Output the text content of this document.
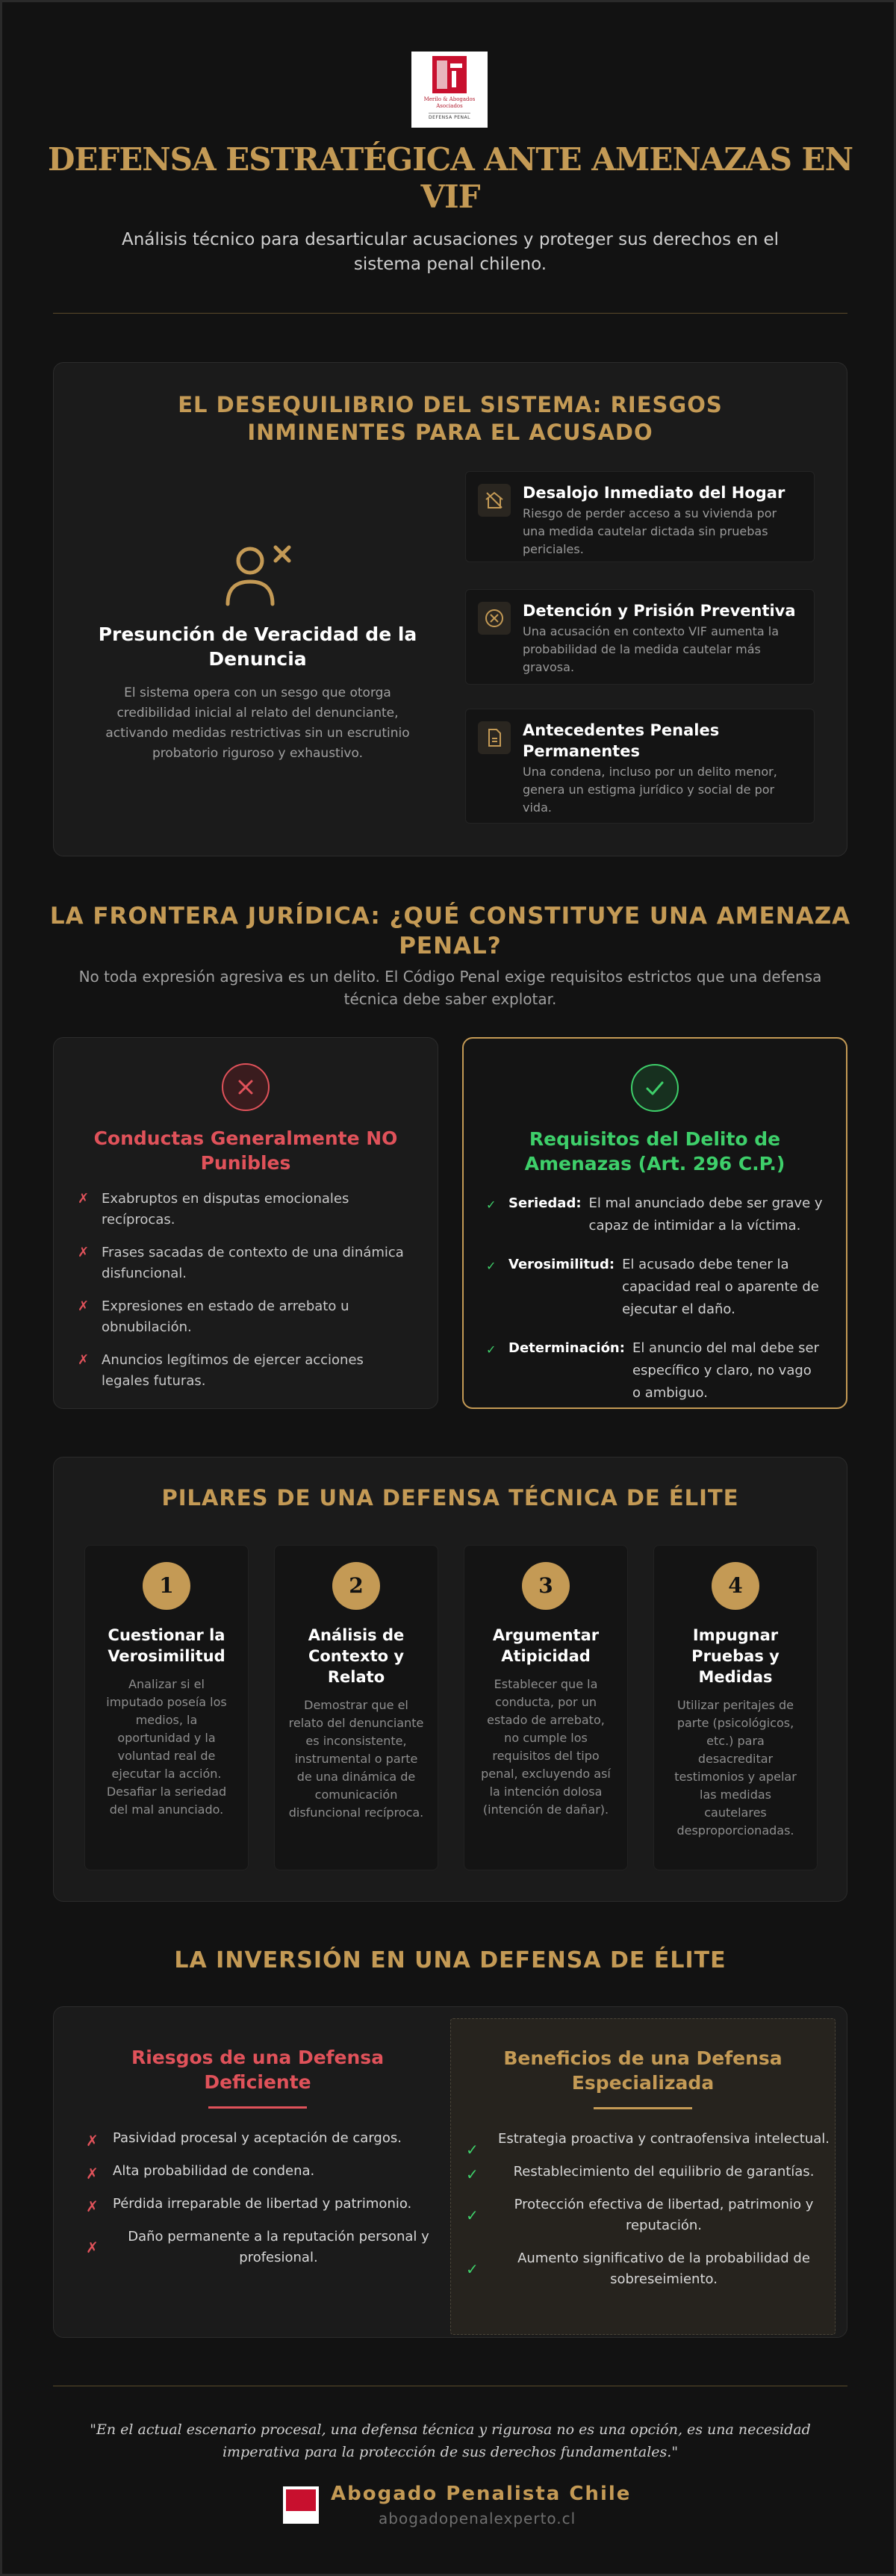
Merilo & Abogados Asociados
DEFENSA PENAL
DEFENSA ESTRATÉGICA ANTE AMENAZAS EN VIF
Análisis técnico para desarticular acusaciones y proteger sus derechos en el sistema penal chileno.
EL DESEQUILIBRIO DEL SISTEMA: RIESGOS INMINENTES PARA EL ACUSADO
Presunción de Veracidad de la Denuncia
El sistema opera con un sesgo que otorga credibilidad inicial al relato del denunciante, activando medidas restrictivas sin un escrutinio probatorio riguroso y exhaustivo.
Desalojo Inmediato del Hogar
Riesgo de perder acceso a su vivienda por una medida cautelar dictada sin pruebas periciales.
Detención y Prisión Preventiva
Una acusación en contexto VIF aumenta la probabilidad de la medida cautelar más gravosa.
Antecedentes Penales Permanentes
Una condena, incluso por un delito menor, genera un estigma jurídico y social de por vida.
LA FRONTERA JURÍDICA: ¿QUÉ CONSTITUYE UNA AMENAZA PENAL?
No toda expresión agresiva es un delito. El Código Penal exige requisitos estrictos que una defensa técnica debe saber explotar.
Conductas Generalmente NO Punibles
✗ Exabruptos en disputas emocionales recíprocas.
✗ Frases sacadas de contexto de una dinámica disfuncional.
✗ Expresiones en estado de arrebato u obnubilación.
✗ Anuncios legítimos de ejercer acciones legales futuras.
Requisitos del Delito de Amenazas (Art. 296 C.P.)
✓ Seriedad: El mal anunciado debe ser grave y capaz de intimidar a la víctima.
✓ Verosimilitud: El acusado debe tener la capacidad real o aparente de ejecutar el daño.
✓ Determinación: El anuncio del mal debe ser específico y claro, no vago o ambiguo.
PILARES DE UNA DEFENSA TÉCNICA DE ÉLITE
1
Cuestionar la Verosimilitud
Analizar si el imputado poseía los medios, la oportunidad y la voluntad real de ejecutar la acción. Desafiar la seriedad del mal anunciado.
2
Análisis de Contexto y Relato
Demostrar que el relato del denunciante es inconsistente, instrumental o parte de una dinámica de comunicación disfuncional recíproca.
3
Argumentar Atipicidad
Establecer que la conducta, por un estado de arrebato, no cumple los requisitos del tipo penal, excluyendo así la intención dolosa (intención de dañar).
4
Impugnar Pruebas y Medidas
Utilizar peritajes de parte (psicológicos, etc.) para desacreditar testimonios y apelar las medidas cautelares desproporcionadas.
LA INVERSIÓN EN UNA DEFENSA DE ÉLITE
Riesgos de una Defensa Deficiente
✗ Pasividad procesal y aceptación de cargos.
✗ Alta probabilidad de condena.
✗ Pérdida irreparable de libertad y patrimonio.
✗
Daño permanente a la reputación personal y profesional.
Beneficios de una Defensa Especializada
✓
Estrategia proactiva y contraofensiva intelectual.
✓	Restablecimiento del equilibrio de garantías.
✓
Protección efectiva de libertad, patrimonio y reputación.
✓
Aumento significativo de la probabilidad de sobreseimiento.
"En el actual escenario procesal, una defensa técnica y rigurosa no es una opción, es una necesidad imperativa para la protección de sus derechos fundamentales."
Abogado Penalista Chile
abogadopenalexperto.cl
